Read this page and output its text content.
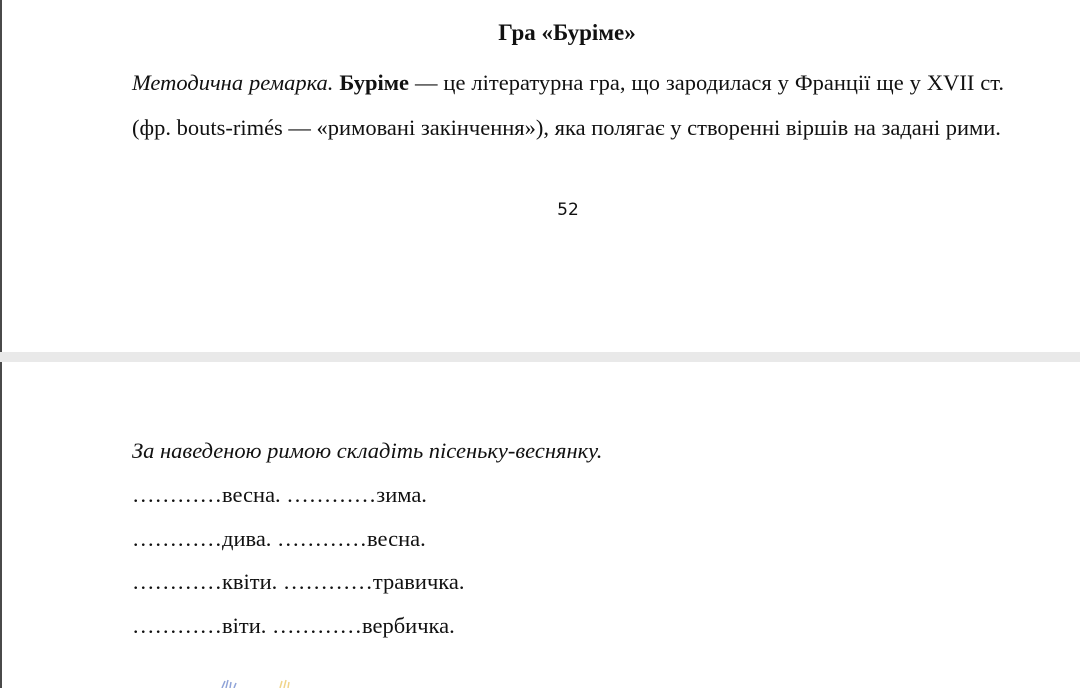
Гра «Буріме»

Методична ремарка. Буріме — це літературна гра, що зародилася у Франції ще у XVII ст. (фр. bouts-rimés — «римовані закінчення»), яка полягає у створенні віршів на задані рими.

52

За наведеною римою складіть пісеньку-веснянку.

…………весна. …………зима.
…………дива. …………весна.
…………квіти. …………травичка.
…………віти. …………вербичка.
